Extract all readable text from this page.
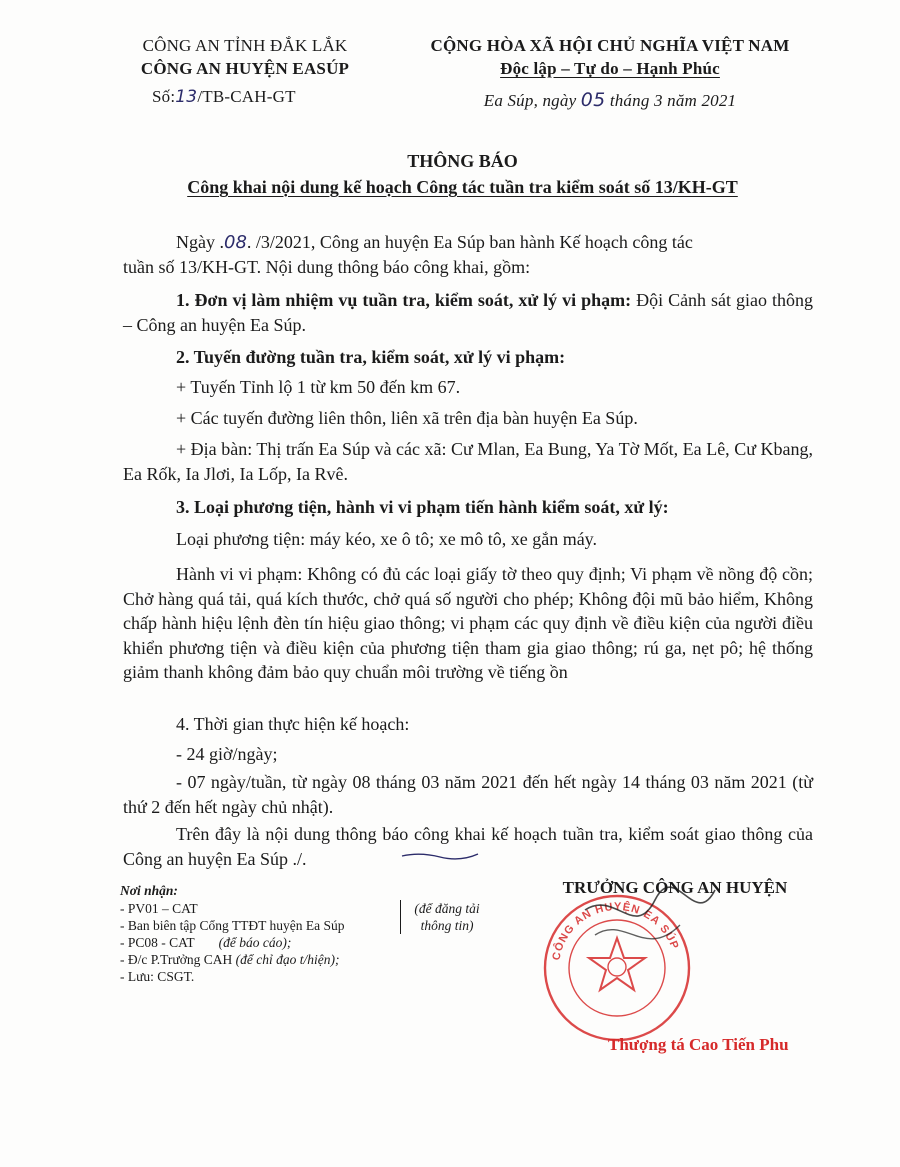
CÔNG AN TỈNH ĐẮK LẮK
CÔNG AN HUYỆN EASÚP
Số:13/TB-CAH-GT
CỘNG HÒA XÃ HỘI CHỦ NGHĨA VIỆT NAM
Độc lập – Tự do – Hạnh Phúc
Ea Súp, ngày 05 tháng 3 năm 2021
THÔNG BÁO
Công khai nội dung kế hoạch Công tác tuần tra kiểm soát số 13/KH-GT
Ngày .08. /3/2021, Công an huyện Ea Súp ban hành Kế hoạch công tác
tuần số 13/KH-GT. Nội dung thông báo công khai, gồm:
1. Đơn vị làm nhiệm vụ tuần tra, kiểm soát, xử lý vi phạm: Đội Cảnh sát giao thông – Công an huyện Ea Súp.
2. Tuyến đường tuần tra, kiểm soát, xử lý vi phạm:
+ Tuyến Tỉnh lộ 1 từ km 50 đến km 67.
+ Các tuyến đường liên thôn, liên xã trên địa bàn huyện Ea Súp.
+ Địa bàn: Thị trấn Ea Súp và các xã: Cư Mlan, Ea Bung, Ya Tờ Mốt, Ea Lê, Cư Kbang, Ea Rốk, Ia Jlơi, Ia Lốp, Ia Rvê.
3. Loại phương tiện, hành vi vi phạm tiến hành kiểm soát, xử lý:
Loại phương tiện: máy kéo, xe ô tô; xe mô tô, xe gắn máy.
Hành vi vi phạm: Không có đủ các loại giấy tờ theo quy định; Vi phạm về nồng độ cồn; Chở hàng quá tải, quá kích thước, chở quá số người cho phép; Không đội mũ bảo hiểm, Không chấp hành hiệu lệnh đèn tín hiệu giao thông; vi phạm các quy định về điều kiện của người điều khiển phương tiện và điều kiện của phương tiện tham gia giao thông; rú ga, nẹt pô; hệ thống giảm thanh không đảm bảo quy chuẩn môi trường về tiếng ồn
4. Thời gian thực hiện kế hoạch:
- 24 giờ/ngày;
- 07 ngày/tuần, từ ngày 08 tháng 03 năm 2021 đến hết ngày 14 tháng 03 năm 2021 (từ thứ 2 đến hết ngày chủ nhật).
Trên đây là nội dung thông báo công khai kế hoạch tuần tra, kiểm soát giao thông của Công an huyện Ea Súp ./.
Nơi nhận:
- PV01 – CAT
- Ban biên tập Cổng TTĐT huyện Ea Súp
- PC08 - CAT (để báo cáo);
- Đ/c P.Trưởng CAH (để chỉ đạo t/hiện);
- Lưu: CSGT.
(để đăng tải thông tin)
TRƯỞNG CÔNG AN HUYỆN
CÔNG AN HUYỆN EA SÚP
Thượng tá Cao Tiến Phu
